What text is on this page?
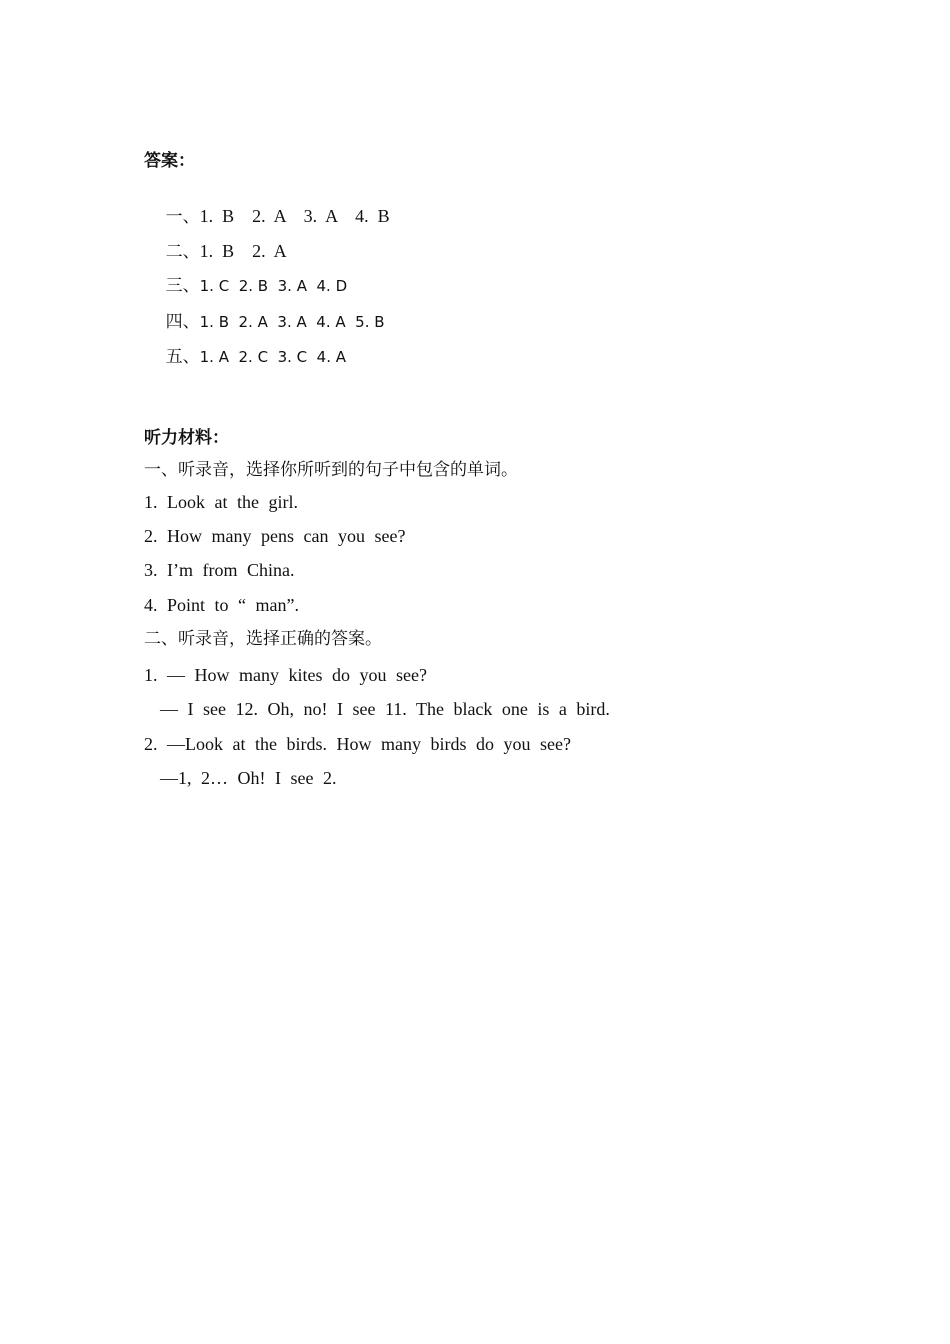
答案：

一、1.  B    2.  A    3.  A    4.  B

二、1.  B    2.  A

三、1. C  2. B  3. A  4. D

四、1. B  2. A  3. A  4. A  5. B

五、1. A  2. C  3. C  4. A

听力材料：
一、听录音，选择你所听到的句子中包含的单词。
1. Look at the girl.
2. How many pens can you see?
3. I’m from China.
4. Point to “ man”.
二、听录音，选择正确的答案。
1. — How many kites do you see?
— I see 12. Oh, no! I see 11. The black one is a bird.
2. —Look at the birds. How many birds do you see?
—1, 2… Oh! I see 2.
